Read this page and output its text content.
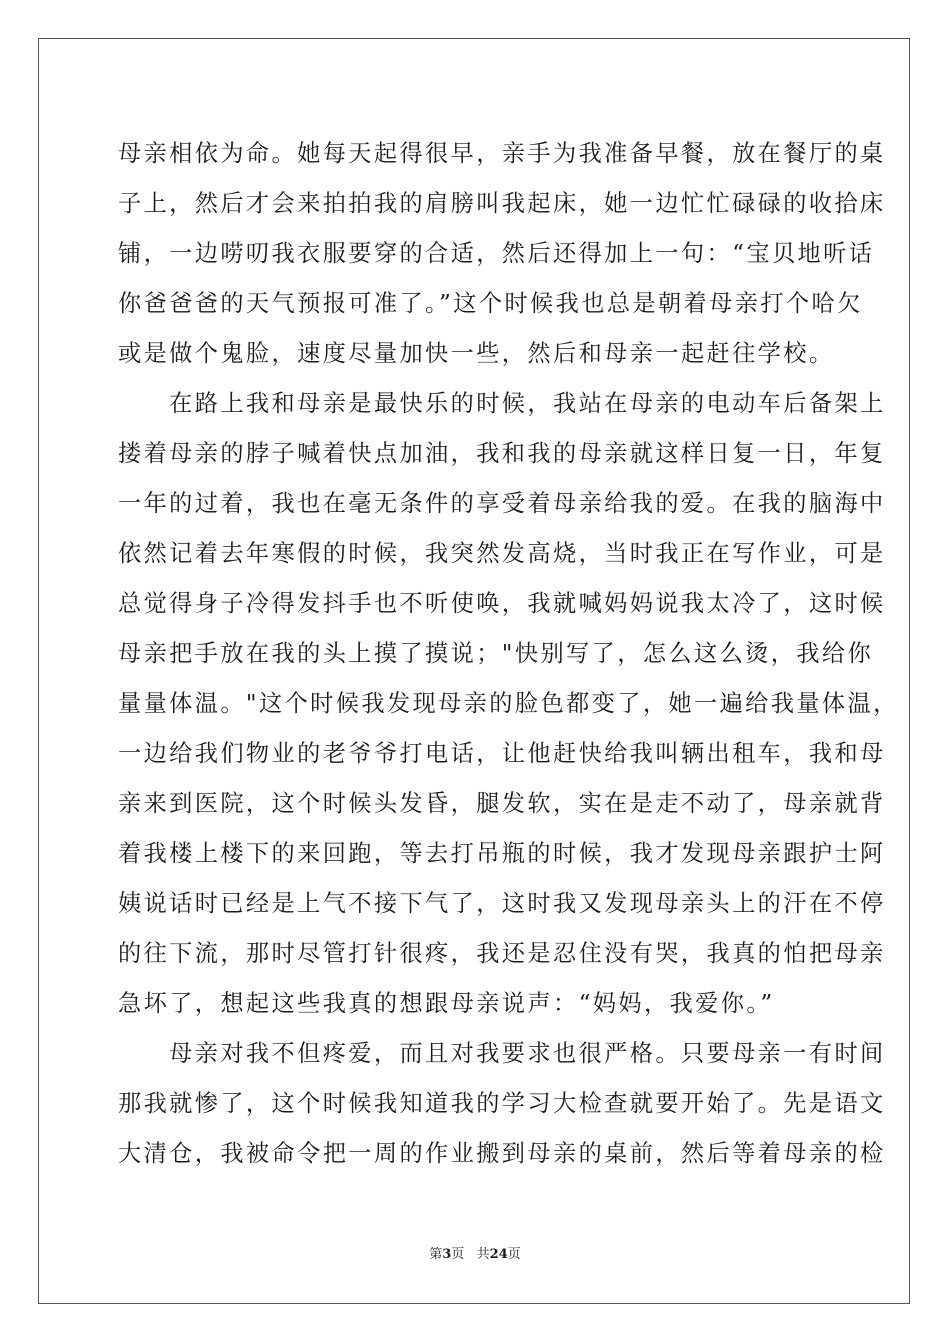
母亲相依为命。她每天起得很早，亲手为我准备早餐，放在餐厅的桌
子上，然后才会来拍拍我的肩膀叫我起床，她一边忙忙碌碌的收拾床
铺，一边唠叨我衣服要穿的合适，然后还得加上一句：“宝贝地听话
你爸爸爸的天气预报可准了。”这个时候我也总是朝着母亲打个哈欠
或是做个鬼脸，速度尽量加快一些，然后和母亲一起赶往学校。
　　在路上我和母亲是最快乐的时候，我站在母亲的电动车后备架上
搂着母亲的脖子喊着快点加油，我和我的母亲就这样日复一日，年复
一年的过着，我也在毫无条件的享受着母亲给我的爱。在我的脑海中
依然记着去年寒假的时候，我突然发高烧，当时我正在写作业，可是
总觉得身子冷得发抖手也不听使唤，我就喊妈妈说我太冷了，这时候
母亲把手放在我的头上摸了摸说；"快别写了，怎么这么烫，我给你
量量体温。"这个时候我发现母亲的脸色都变了，她一遍给我量体温，
一边给我们物业的老爷爷打电话，让他赶快给我叫辆出租车，我和母
亲来到医院，这个时候头发昏，腿发软，实在是走不动了，母亲就背
着我楼上楼下的来回跑，等去打吊瓶的时候，我才发现母亲跟护士阿
姨说话时已经是上气不接下气了，这时我又发现母亲头上的汗在不停
的往下流，那时尽管打针很疼，我还是忍住没有哭，我真的怕把母亲
急坏了，想起这些我真的想跟母亲说声：“妈妈，我爱你。”
　　母亲对我不但疼爱，而且对我要求也很严格。只要母亲一有时间
那我就惨了，这个时候我知道我的学习大检查就要开始了。先是语文
大清仓，我被命令把一周的作业搬到母亲的桌前，然后等着母亲的检
第3页   共24页
